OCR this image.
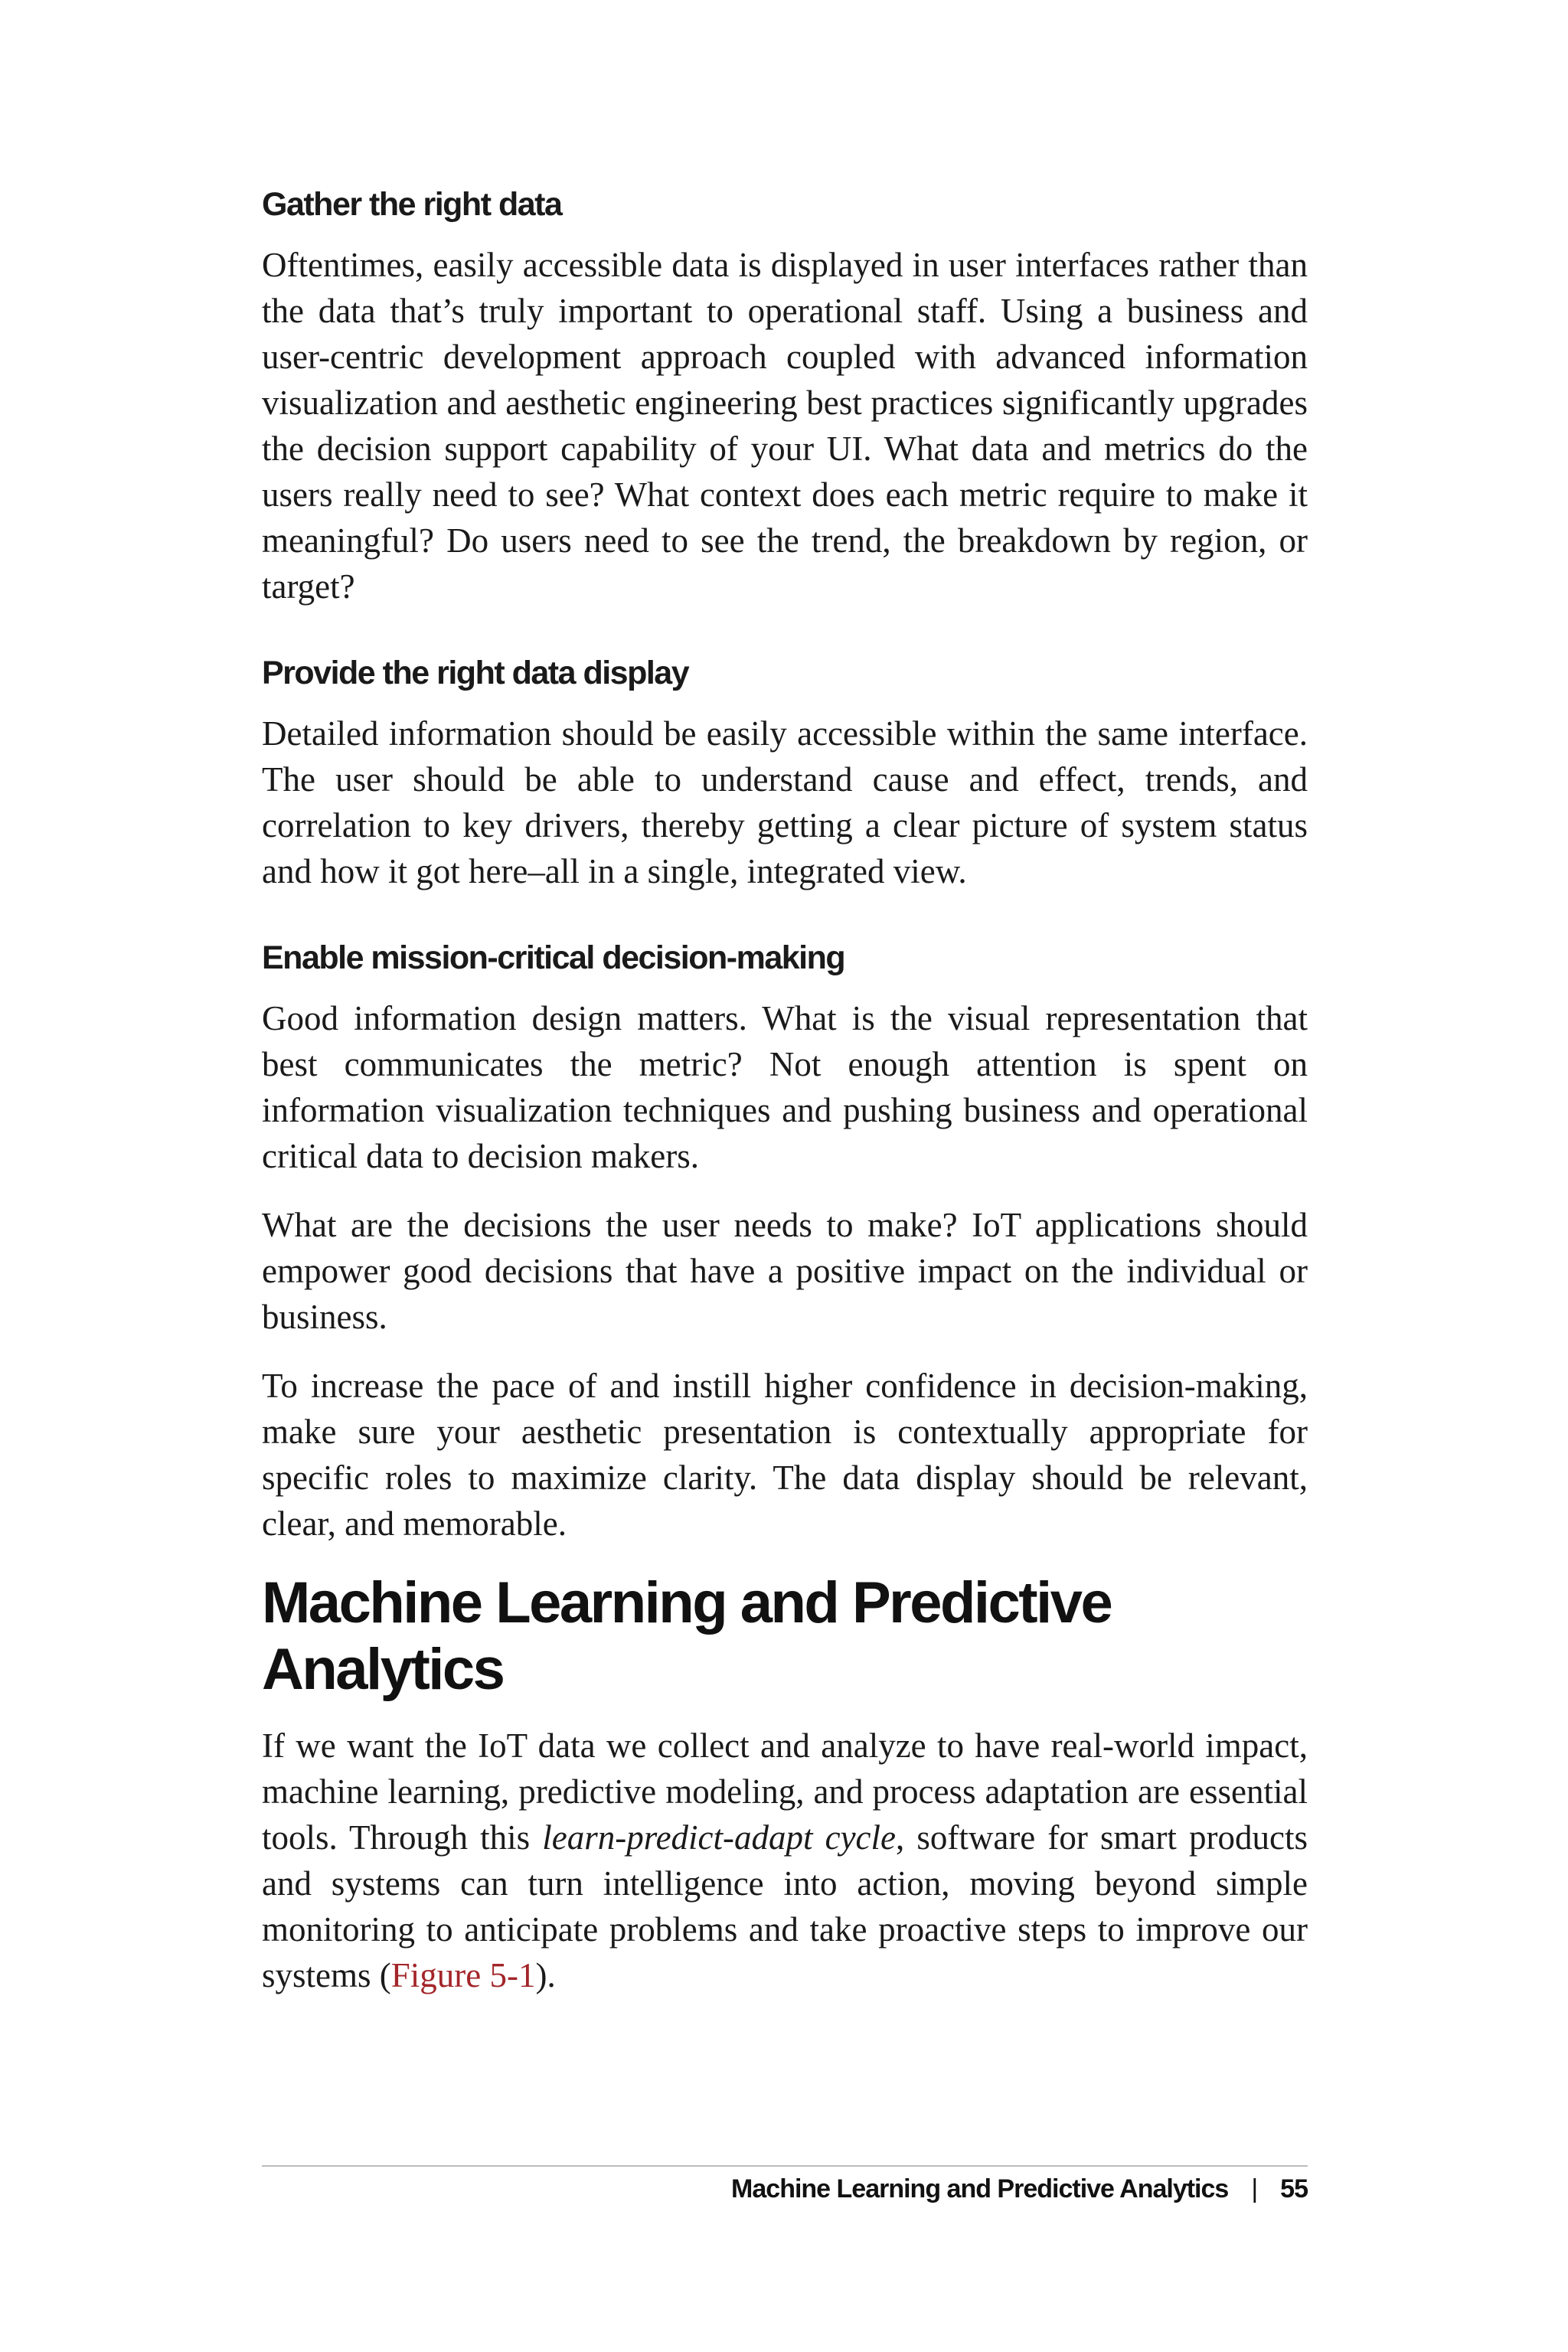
Gather the right data

Oftentimes, easily accessible data is displayed in user interfaces rather than the data that’s truly important to operational staff. Using a business and user-centric development approach coupled with advanced information visualization and aesthetic engineering best practices significantly upgrades the decision support capability of your UI. What data and metrics do the users really need to see? What context does each metric require to make it meaningful? Do users need to see the trend, the breakdown by region, or target?

Provide the right data display

Detailed information should be easily accessible within the same interface. The user should be able to understand cause and effect, trends, and correlation to key drivers, thereby getting a clear picture of system status and how it got here–all in a single, integrated view.

Enable mission-critical decision-making

Good information design matters. What is the visual representation that best communicates the metric? Not enough attention is spent on information visualization techniques and pushing business and operational critical data to decision makers.

What are the decisions the user needs to make? IoT applications should empower good decisions that have a positive impact on the individual or business.

To increase the pace of and instill higher confidence in decision-making, make sure your aesthetic presentation is contextually appropriate for specific roles to maximize clarity. The data display should be relevant, clear, and memorable.

Machine Learning and Predictive Analytics

If we want the IoT data we collect and analyze to have real-world impact, machine learning, predictive modeling, and process adaptation are essential tools. Through this learn-predict-adapt cycle, software for smart products and systems can turn intelligence into action, moving beyond simple monitoring to anticipate problems and take proactive steps to improve our systems (Figure 5-1).

Machine Learning and Predictive Analytics | 55
